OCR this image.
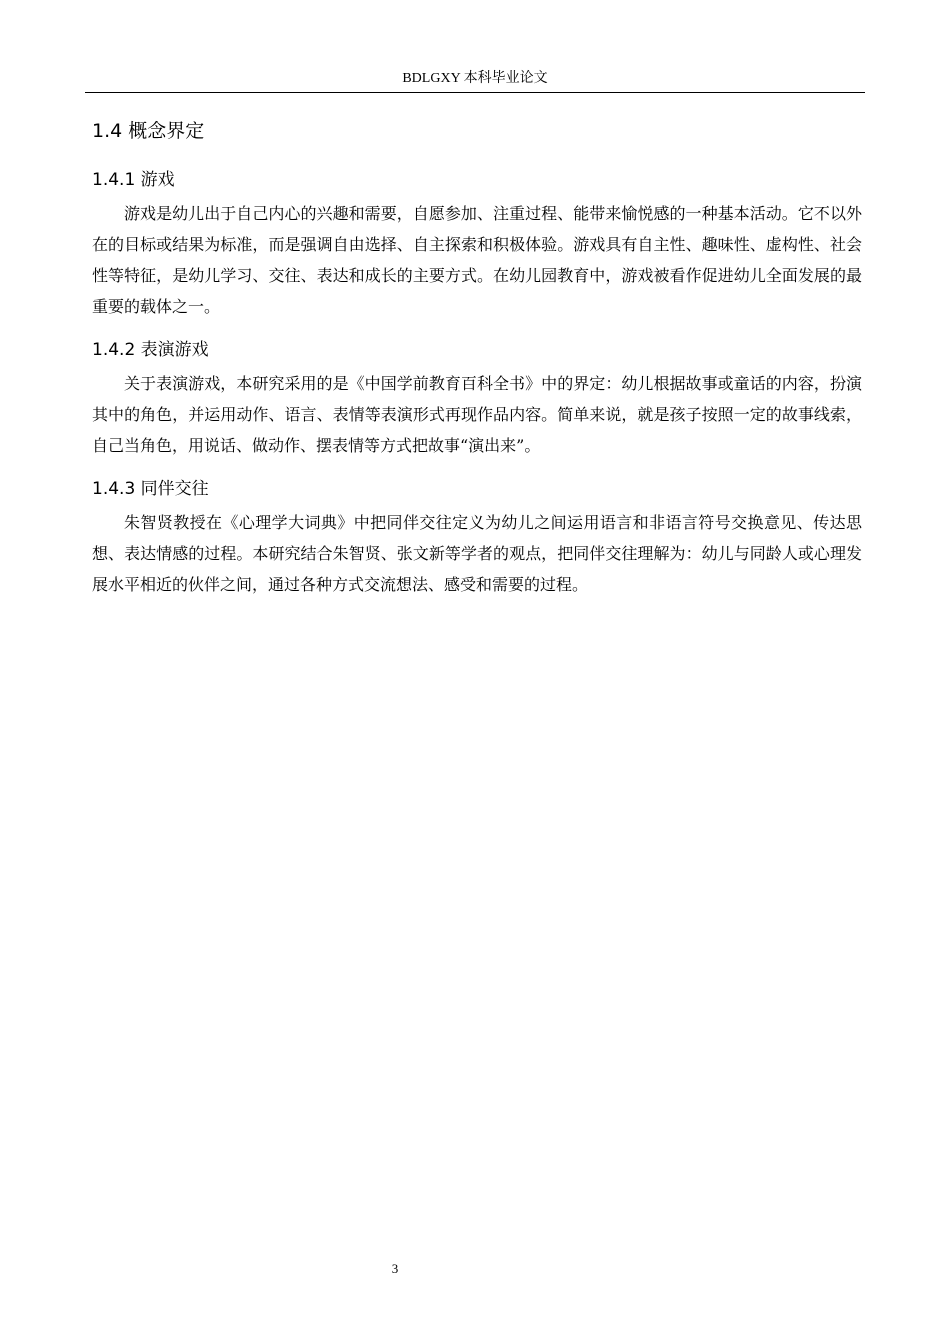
BDLGXY 本科毕业论文
1.4 概念界定
1.4.1 游戏

游戏是幼儿出于自己内心的兴趣和需要，自愿参加、注重过程、能带来愉悦感的一种基本活动。它不以外在的目标或结果为标准，而是强调自由选择、自主探索和积极体验。游戏具有自主性、趣味性、虚构性、社会性等特征，是幼儿学习、交往、表达和成长的主要方式。在幼儿园教育中，游戏被看作促进幼儿全面发展的最重要的载体之一。

1.4.2 表演游戏

关于表演游戏，本研究采用的是《中国学前教育百科全书》中的界定：幼儿根据故事或童话的内容，扮演其中的角色，并运用动作、语言、表情等表演形式再现作品内容。简单来说，就是孩子按照一定的故事线索，自己当角色，用说话、做动作、摆表情等方式把故事“演出来”。

1.4.3 同伴交往

朱智贤教授在《心理学大词典》中把同伴交往定义为幼儿之间运用语言和非语言符号交换意见、传达思想、表达情感的过程。本研究结合朱智贤、张文新等学者的观点，把同伴交往理解为：幼儿与同龄人或心理发展水平相近的伙伴之间，通过各种方式交流想法、感受和需要的过程。

3
